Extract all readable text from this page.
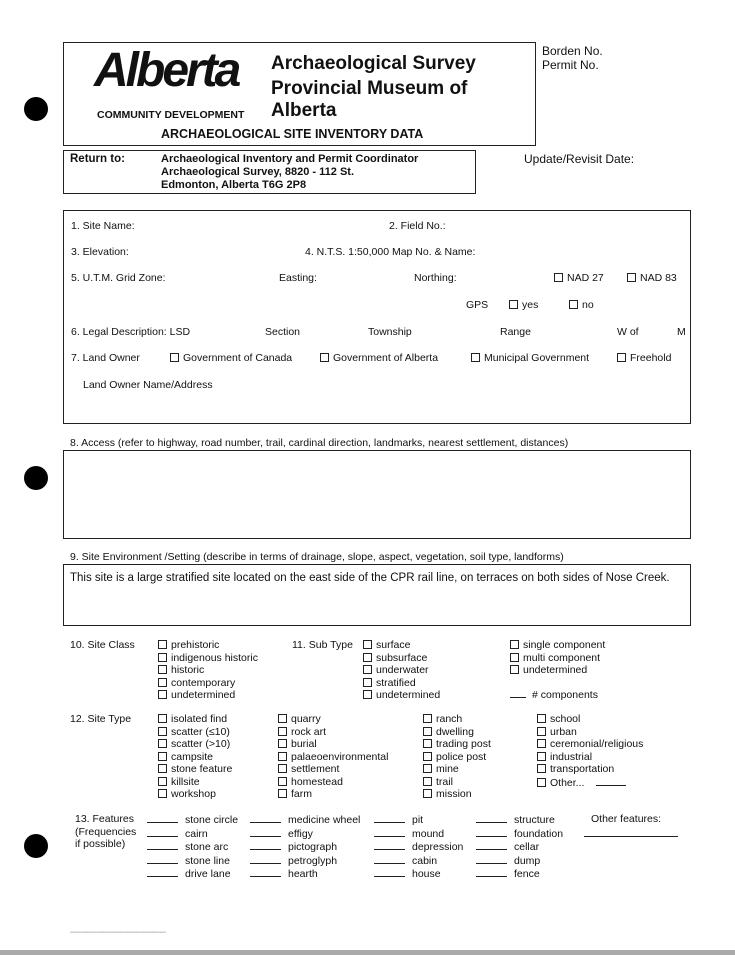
Alberta Archaeological Survey
Provincial Museum of Alberta
COMMUNITY DEVELOPMENT
ARCHAEOLOGICAL SITE INVENTORY DATA
Borden No.
Permit No.
Return to:	Archaeological Inventory and Permit Coordinator
Archaeological Survey, 8820 - 112 St.
Edmonton, Alberta T6G 2P8
Update/Revisit Date:
1. Site Name:	2. Field No.:
3. Elevation:	4. N.T.S. 1:50,000 Map No. & Name:
5. U.T.M. Grid Zone:	Easting:	Northing:	NAD 27	NAD 83
GPS	yes	no
6. Legal Description: LSD	Section	Township	Range	W of	M
7. Land Owner	Government of Canada	Government of Alberta	Municipal Government	Freehold
Land Owner Name/Address
8. Access (refer to highway, road number, trail, cardinal direction, landmarks, nearest settlement, distances)
9. Site Environment /Setting (describe in terms of drainage, slope, aspect, vegetation, soil type, landforms)
This site is a large stratified site located on the east side of the CPR rail line, on terraces on both sides of Nose Creek.
10. Site Class	prehistoric
indigenous historic
historic
contemporary
undetermined
11. Sub Type	surface
subsurface
underwater
stratified
undetermined
single component
multi component
undetermined
# components
12. Site Type	isolated find
scatter (≤10)
scatter (>10)
campsite
stone feature
killsite
workshop
quarry
rock art
burial
palaeoenvironmental
settlement
homestead
farm
ranch
dwelling
trading post
police post
mine
trail
mission
school
urban
ceremonial/religious
industrial
transportation
Other...
13. Features
(Frequencies
if possible)
stone circle
cairn
stone arc
stone line
drive lane
medicine wheel
effigy
pictograph
petroglyph
hearth
pit
mound
depression
cabin
house
structure
foundation
cellar
dump
fence
Other features:
▪▪▪▪▪▪▪▪▪▪▪▪▪▪▪▪▪▪▪▪▪▪▪▪▪▪▪▪▪▪▪▪▪▪▪▪▪▪▪▪▪▪▪▪▪▪▪▪▪▪▪▪▪▪▪▪▪▪▪▪▪▪▪▪▪▪▪▪▪▪▪▪▪▪▪▪▪▪▪▪▪▪▪▪▪▪▪▪▪▪
